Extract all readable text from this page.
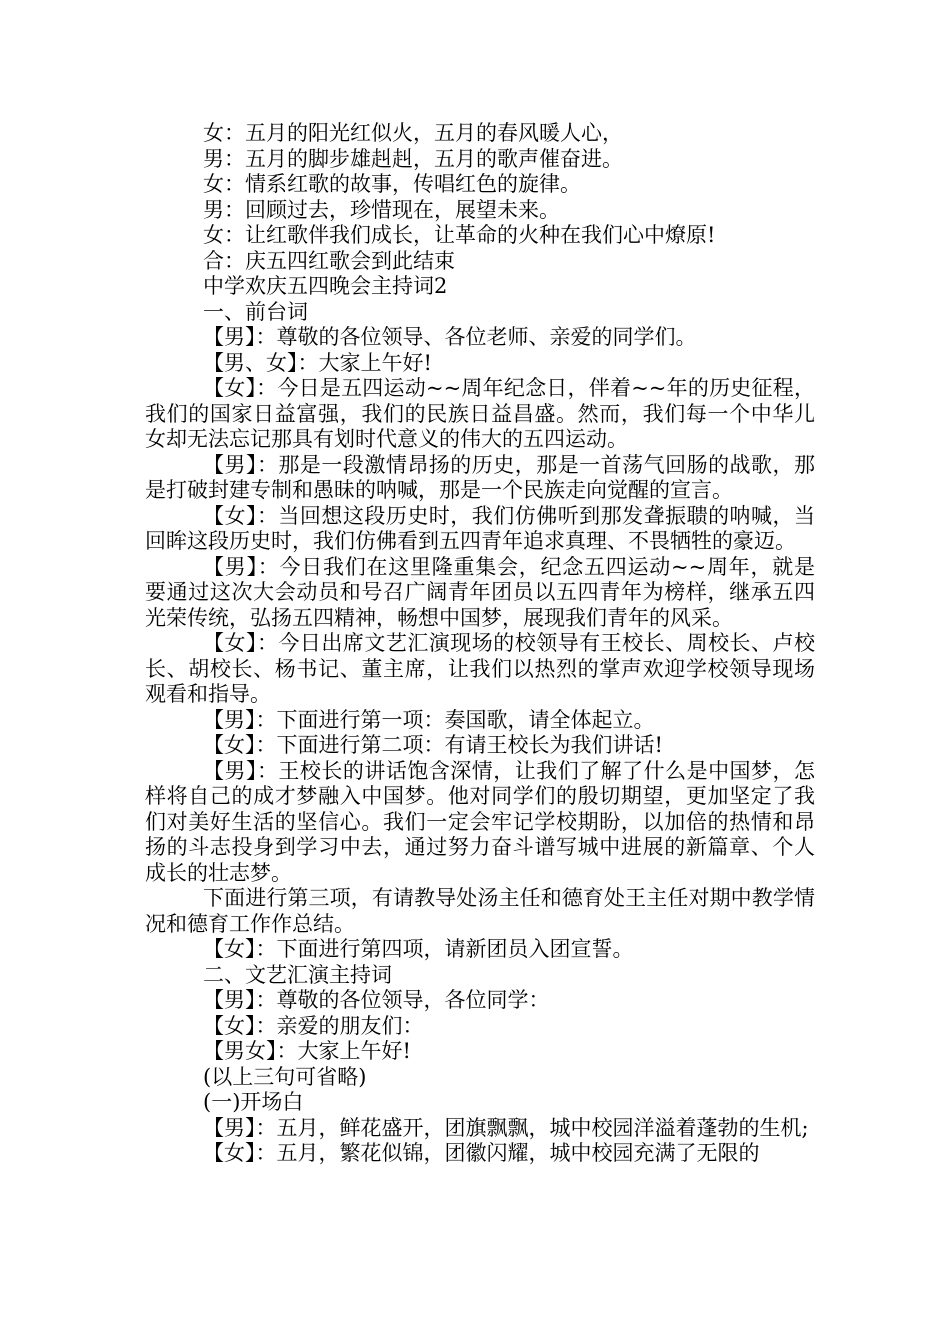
女：五月的阳光红似火，五月的春风暖人心，

男：五月的脚步雄赳赳，五月的歌声催奋进。

女：情系红歌的故事，传唱红色的旋律。

男：回顾过去，珍惜现在，展望未来。

女：让红歌伴我们成长，让革命的火种在我们心中燎原!

合：庆五四红歌会到此结束

中学欢庆五四晚会主持词2

一、前台词

【男】：尊敬的各位领导、各位老师、亲爱的同学们。

【男、女】：大家上午好!

【女】：今日是五四运动~~周年纪念日，伴着~~年的历史征程，我们的国家日益富强，我们的民族日益昌盛。然而，我们每一个中华儿女却无法忘记那具有划时代意义的伟大的五四运动。

【男】：那是一段激情昂扬的历史，那是一首荡气回肠的战歌，那是打破封建专制和愚昧的呐喊，那是一个民族走向觉醒的宣言。

【女】：当回想这段历史时，我们仿佛听到那发聋振聩的呐喊，当回眸这段历史时，我们仿佛看到五四青年追求真理、不畏牺牲的豪迈。

【男】：今日我们在这里隆重集会，纪念五四运动~~周年，就是要通过这次大会动员和号召广阔青年团员以五四青年为榜样，继承五四光荣传统，弘扬五四精神，畅想中国梦，展现我们青年的风采。

【女】：今日出席文艺汇演现场的校领导有王校长、周校长、卢校长、胡校长、杨书记、董主席，让我们以热烈的掌声欢迎学校领导现场观看和指导。

【男】：下面进行第一项：奏国歌，请全体起立。

【女】：下面进行第二项：有请王校长为我们讲话!

【男】：王校长的讲话饱含深情，让我们了解了什么是中国梦，怎样将自己的成才梦融入中国梦。他对同学们的殷切期望，更加坚定了我们对美好生活的坚信心。我们一定会牢记学校期盼，以加倍的热情和昂扬的斗志投身到学习中去，通过努力奋斗谱写城中进展的新篇章、个人成长的壮志梦。

下面进行第三项，有请教导处汤主任和德育处王主任对期中教学情况和德育工作作总结。

【女】：下面进行第四项，请新团员入团宣誓。

二、文艺汇演主持词

【男】：尊敬的各位领导，各位同学：

【女】：亲爱的朋友们：

【男女】：大家上午好!

(以上三句可省略)

(一)开场白

【男】：五月，鲜花盛开，团旗飘飘，城中校园洋溢着蓬勃的生机;

【女】：五月，繁花似锦，团徽闪耀，城中校园充满了无限的
